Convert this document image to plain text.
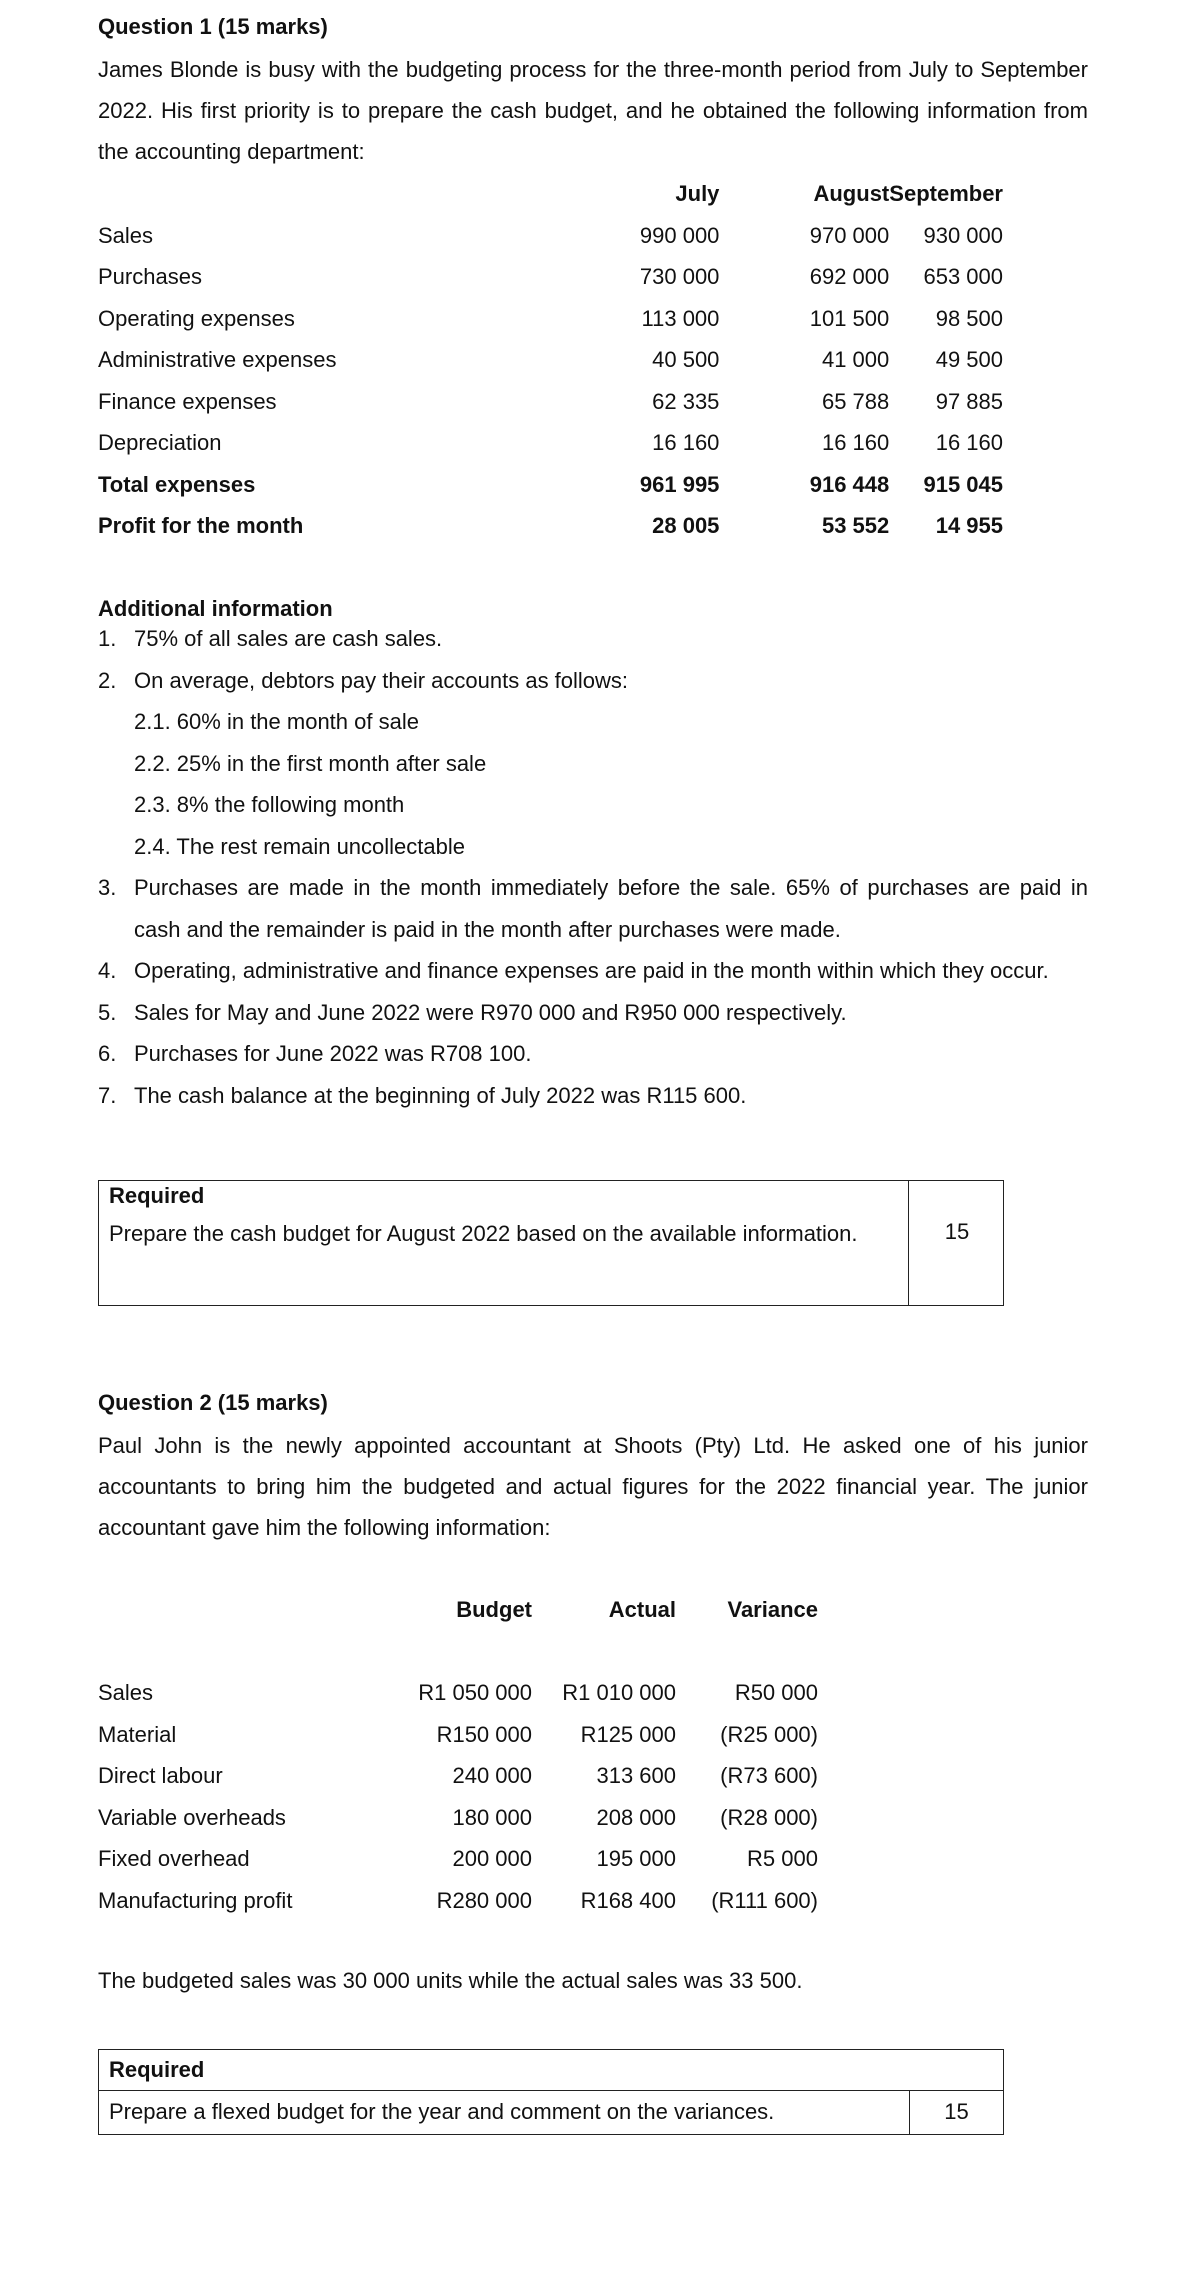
Question 1 (15 marks)
James Blonde is busy with the budgeting process for the three-month period from July to September 2022. His first priority is to prepare the cash budget, and he obtained the following information from the accounting department:
	July	August	September
Sales	990 000	970 000	930 000
Purchases	730 000	692 000	653 000
Operating expenses	113 000	101 500	98 500
Administrative expenses	40 500	41 000	49 500
Finance expenses	62 335	65 788	97 885
Depreciation	16 160	16 160	16 160
Total expenses	961 995	916 448	915 045
Profit for the month	28 005	53 552	14 955
Additional information
1. 75% of all sales are cash sales.
2. On average, debtors pay their accounts as follows:
2.1. 60% in the month of sale
2.2. 25% in the first month after sale
2.3. 8% the following month
2.4. The rest remain uncollectable
3. Purchases are made in the month immediately before the sale. 65% of purchases are paid in cash and the remainder is paid in the month after purchases were made.
4. Operating, administrative and finance expenses are paid in the month within which they occur.
5. Sales for May and June 2022 were R970 000 and R950 000 respectively.
6. Purchases for June 2022 was R708 100.
7. The cash balance at the beginning of July 2022 was R115 600.
Required
Prepare the cash budget for August 2022 based on the available information.	15
Question 2 (15 marks)
Paul John is the newly appointed accountant at Shoots (Pty) Ltd. He asked one of his junior accountants to bring him the budgeted and actual figures for the 2022 financial year. The junior accountant gave him the following information:
	Budget	Actual	Variance

Sales	R1 050 000	R1 010 000	R50 000
Material	R150 000	R125 000	(R25 000)
Direct labour	240 000	313 600	(R73 600)
Variable overheads	180 000	208 000	(R28 000)
Fixed overhead	200 000	195 000	R5 000
Manufacturing profit	R280 000	R168 400	(R111 600)
The budgeted sales was 30 000 units while the actual sales was 33 500.
Required
Prepare a flexed budget for the year and comment on the variances.	15
